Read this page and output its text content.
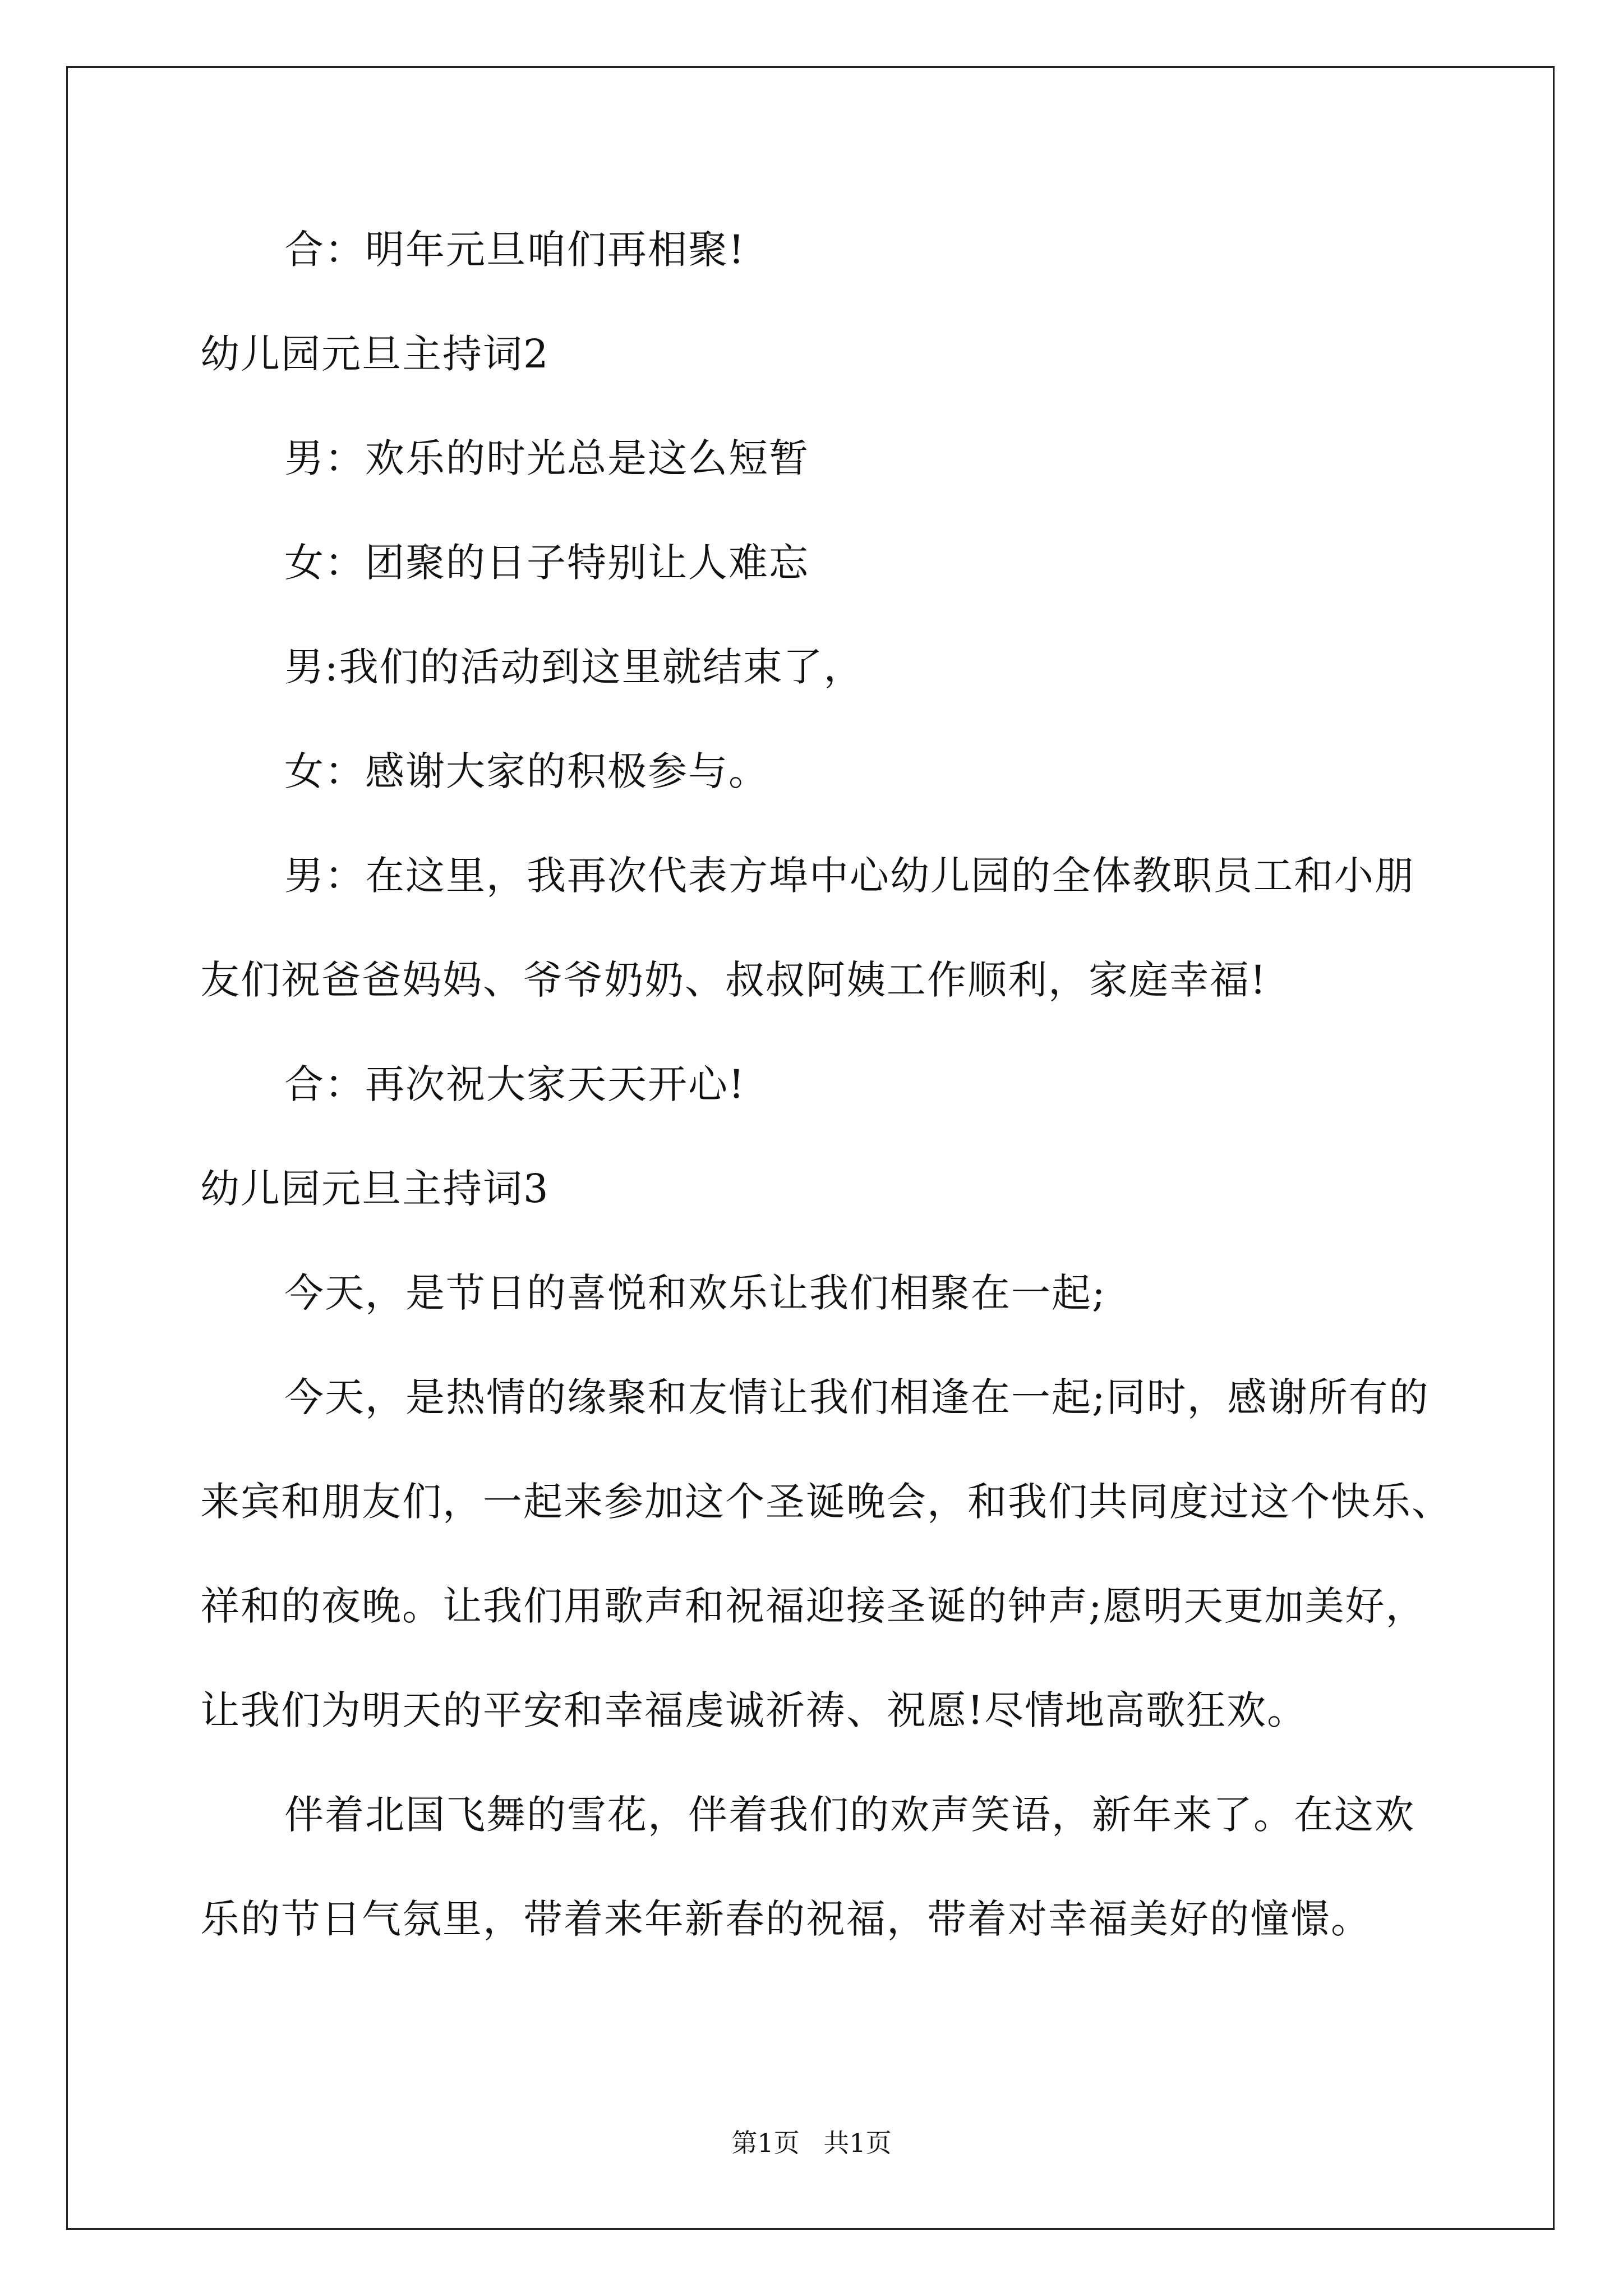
合：明年元旦咱们再相聚!
幼儿园元旦主持词2
男：欢乐的时光总是这么短暂
女：团聚的日子特别让人难忘
男:我们的活动到这里就结束了，
女：感谢大家的积极参与。
男：在这里，我再次代表方埠中心幼儿园的全体教职员工和小朋
友们祝爸爸妈妈、爷爷奶奶、叔叔阿姨工作顺利，家庭幸福!
合：再次祝大家天天开心!
幼儿园元旦主持词3
今天，是节日的喜悦和欢乐让我们相聚在一起;
今天，是热情的缘聚和友情让我们相逢在一起;同时，感谢所有的
来宾和朋友们，一起来参加这个圣诞晚会，和我们共同度过这个快乐、
祥和的夜晚。让我们用歌声和祝福迎接圣诞的钟声;愿明天更加美好，
让我们为明天的平安和幸福虔诚祈祷、祝愿!尽情地高歌狂欢。
伴着北国飞舞的雪花，伴着我们的欢声笑语，新年来了。在这欢
乐的节日气氛里，带着来年新春的祝福，带着对幸福美好的憧憬。
第1页 共1页
